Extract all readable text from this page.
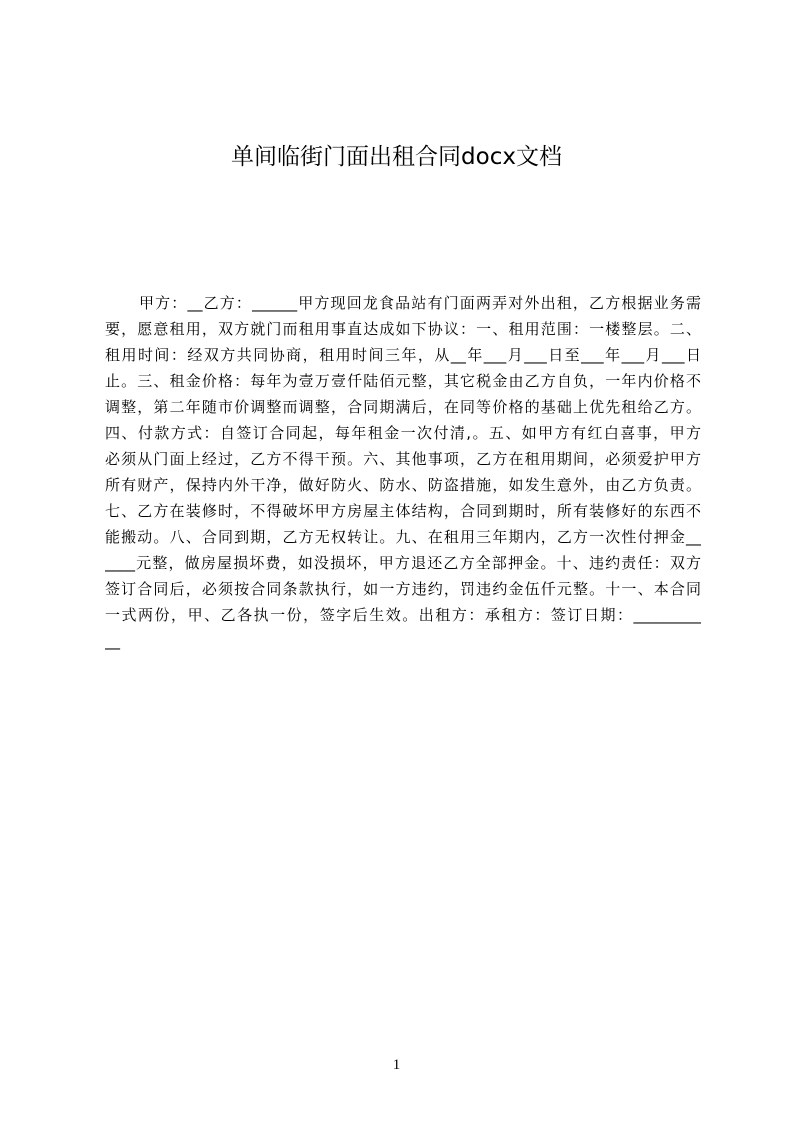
单间临街门面出租合同docx文档
甲方：__乙方：______甲方现回龙食品站有门面两弄对外出租，乙方根据业务需
要，愿意租用，双方就门而租用事直达成如下协议：一、租用范围：一楼整层。二、
租用时间：经双方共同协商，租用时间三年，从__年___月___日至___年___月___日
止。三、租金价格：每年为壹万壹仟陆佰元整，其它税金由乙方自负，一年内价格不
调整，第二年随市价调整而调整，合同期满后，在同等价格的基础上优先租给乙方。
四、付款方式：自签订合同起，每年租金一次付清,。五、如甲方有红白喜事，甲方
必须从门面上经过，乙方不得干预。六、其他事项，乙方在租用期间，必须爱护甲方
所有财产，保持内外干净，做好防火、防水、防盗措施，如发生意外，由乙方负责。
七、乙方在装修时，不得破坏甲方房屋主体结构，合同到期时，所有装修好的东西不
能搬动。八、合同到期，乙方无权转让。九、在租用三年期内，乙方一次性付押金__
____元整，做房屋损坏费，如没损坏，甲方退还乙方全部押金。十、违约责任：双方
签订合同后，必须按合同条款执行，如一方违约，罚违约金伍仟元整。十一、本合同
一式两份，甲、乙各执一份，签字后生效。出租方：承租方：签订日期：_________
__
1
